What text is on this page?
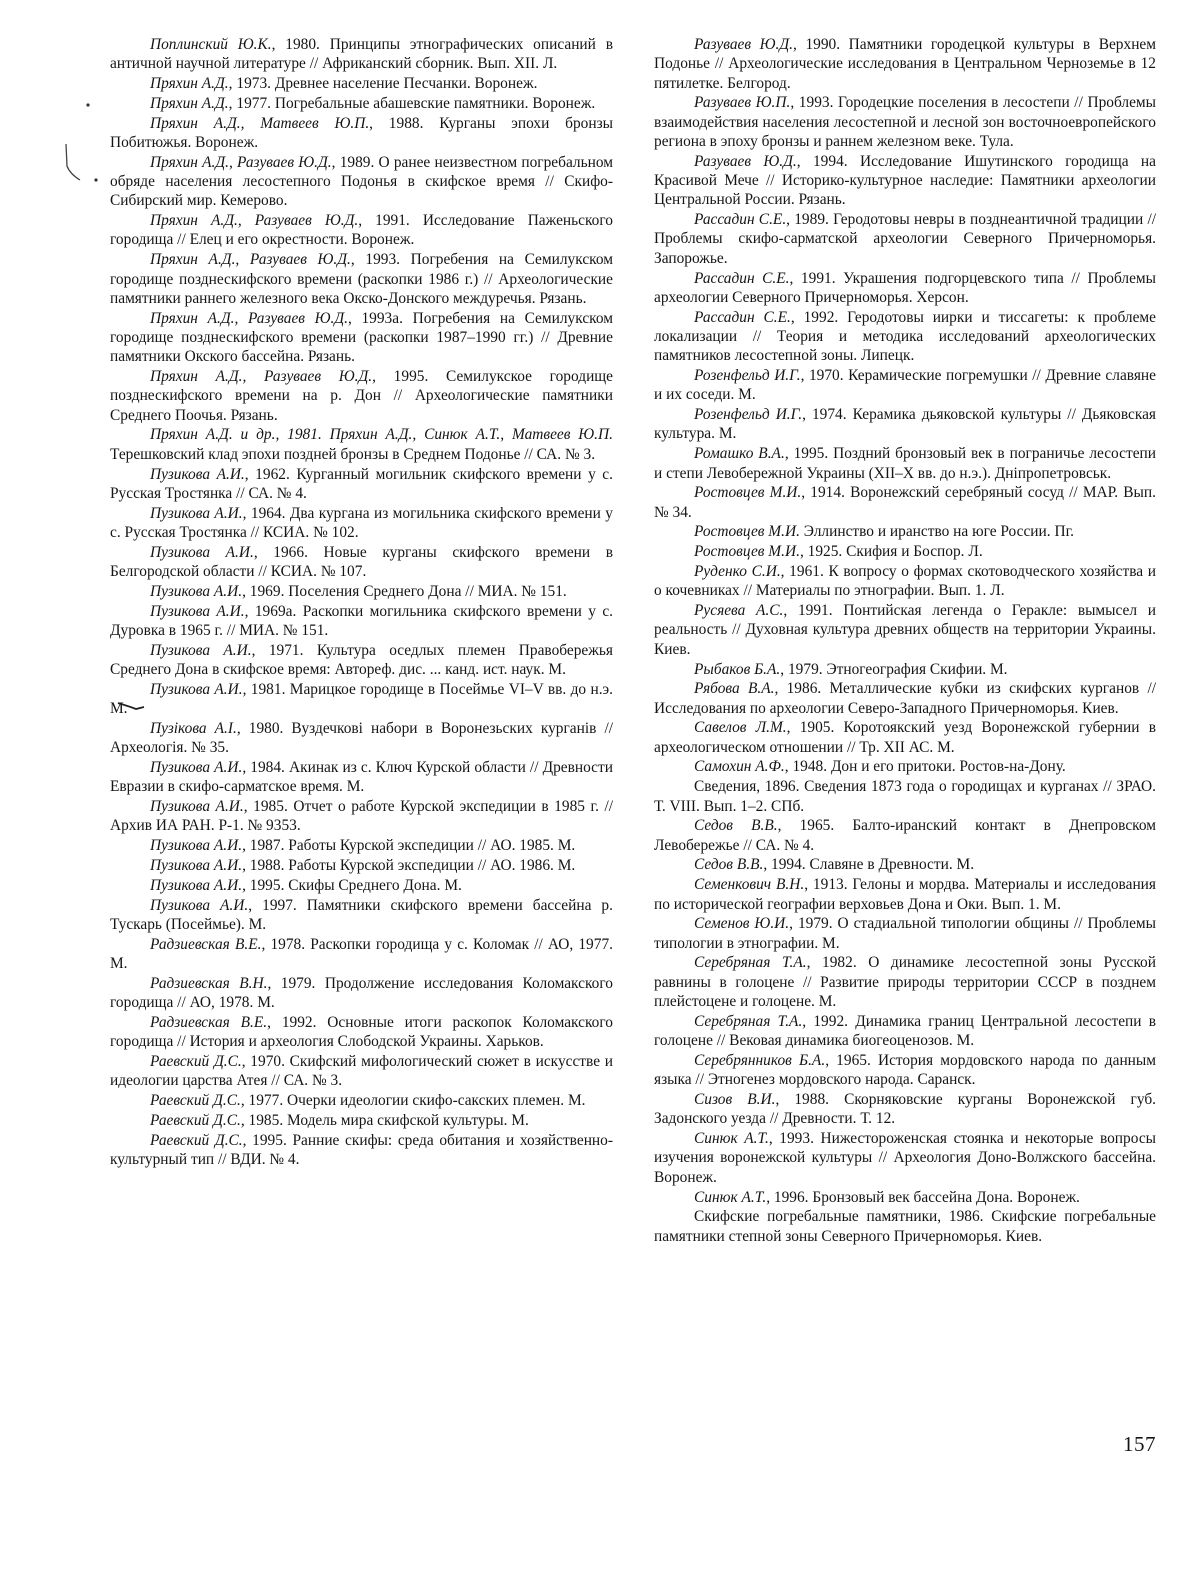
Поплинский Ю.К., 1980. Принципы этнографических описаний в античной научной литературе // Африканский сборник. Вып. XII. Л.

Пряхин А.Д., 1973. Древнее население Песчанки. Воронеж.

Пряхин А.Д., 1977. Погребальные абашевские памятники. Воронеж.

Пряхин А.Д., Матвеев Ю.П., 1988. Курганы эпохи бронзы Побитюжья. Воронеж.

Пряхин А.Д., Разуваев Ю.Д., 1989. О ранее неизвестном погребальном обряде населения лесостепного Подонья в скифское время // Скифо-Сибирский мир. Кемерово.

Пряхин А.Д., Разуваев Ю.Д., 1991. Исследование Паженьского городища // Елец и его окрестности. Воронеж.

Пряхин А.Д., Разуваев Ю.Д., 1993. Погребения на Семилукском городище позднескифского времени (раскопки 1986 г.) // Археологические памятники раннего железного века Окско-Донского междуречья. Рязань.

Пряхин А.Д., Разуваев Ю.Д., 1993а. Погребения на Семилукском городище позднескифского времени (раскопки 1987–1990 гг.) // Древние памятники Окского бассейна. Рязань.

Пряхин А.Д., Разуваев Ю.Д., 1995. Семилукское городище позднескифского времени на р. Дон // Археологические памятники Среднего Поочья. Рязань.

Пряхин А.Д. и др., 1981. Пряхин А.Д., Синюк А.Т., Матвеев Ю.П. Терешковский клад эпохи поздней бронзы в Среднем Подонье // СА. № 3.

Пузикова А.И., 1962. Курганный могильник скифского времени у с. Русская Тростянка // СА. № 4.

Пузикова А.И., 1964. Два кургана из могильника скифского времени у с. Русская Тростянка // КСИА. № 102.

Пузикова А.И., 1966. Новые курганы скифского времени в Белгородской области // КСИА. № 107.

Пузикова А.И., 1969. Поселения Среднего Дона // МИА. № 151.

Пузикова А.И., 1969а. Раскопки могильника скифского времени у с. Дуровка в 1965 г. // МИА. № 151.

Пузикова А.И., 1971. Культура оседлых племен Правобережья Среднего Дона в скифское время: Автореф. дис. ... канд. ист. наук. М.

Пузикова А.И., 1981. Марицкое городище в Посеймье VI–V вв. до н.э. М.

Пузікова А.І., 1980. Вуздечкові набори в Воронезьских курганів // Археологія. № 35.

Пузикова А.И., 1984. Акинак из с. Ключ Курской области // Древности Евразии в скифо-сарматское время. М.

Пузикова А.И., 1985. Отчет о работе Курской экспедиции в 1985 г. // Архив ИА РАН. Р-1. № 9353.

Пузикова А.И., 1987. Работы Курской экспедиции // АО. 1985. М.

Пузикова А.И., 1988. Работы Курской экспедиции // АО. 1986. М.

Пузикова А.И., 1995. Скифы Среднего Дона. М.

Пузикова А.И., 1997. Памятники скифского времени бассейна р. Тускарь (Посеймье). М.

Радзиевская В.Е., 1978. Раскопки городища у с. Коломак // АО, 1977. М.

Радзиевская В.Н., 1979. Продолжение исследования Коломакского городища // АО, 1978. М.

Радзиевская В.Е., 1992. Основные итоги раскопок Коломакского городища // История и археология Слободской Украины. Харьков.

Раевский Д.С., 1970. Скифский мифологический сюжет в искусстве и идеологии царства Атея // СА. № 3.

Раевский Д.С., 1977. Очерки идеологии скифо-сакских племен. М.

Раевский Д.С., 1985. Модель мира скифской культуры. М.

Раевский Д.С., 1995. Ранние скифы: среда обитания и хозяйственно-культурный тип // ВДИ. № 4.

Разуваев Ю.Д., 1990. Памятники городецкой культуры в Верхнем Подонье // Археологические исследования в Центральном Черноземье в 12 пятилетке. Белгород.

Разуваев Ю.П., 1993. Городецкие поселения в лесостепи // Проблемы взаимодействия населения лесостепной и лесной зон восточноевропейского региона в эпоху бронзы и раннем железном веке. Тула.

Разуваев Ю.Д., 1994. Исследование Ишутинского городища на Красивой Мече // Историко-культурное наследие: Памятники археологии Центральной России. Рязань.

Рассадин С.Е., 1989. Геродотовы невры в позднеантичной традиции // Проблемы скифо-сарматской археологии Северного Причерноморья. Запорожье.

Рассадин С.Е., 1991. Украшения подгорцевского типа // Проблемы археологии Северного Причерноморья. Херсон.

Рассадин С.Е., 1992. Геродотовы иирки и тиссагеты: к проблеме локализации // Теория и методика исследований археологических памятников лесостепной зоны. Липецк.

Розенфельд И.Г., 1970. Керамические погремушки // Древние славяне и их соседи. М.

Розенфельд И.Г., 1974. Керамика дьяковской культуры // Дьяковская культура. М.

Ромашко В.А., 1995. Поздний бронзовый век в пограничье лесостепи и степи Левобережной Украины (XII–X вв. до н.э.). Днiпропетровськ.

Ростовцев М.И., 1914. Воронежский серебряный сосуд // МАР. Вып. № 34.

Ростовцев М.И. Эллинство и иранство на юге России. Пг.

Ростовцев М.И., 1925. Скифия и Боспор. Л.

Руденко С.И., 1961. К вопросу о формах скотоводческого хозяйства и о кочевниках // Материалы по этнографии. Вып. 1. Л.

Русяева А.С., 1991. Понтийская легенда о Геракле: вымысел и реальность // Духовная культура древних обществ на территории Украины. Киев.

Рыбаков Б.А., 1979. Этногеография Скифии. М.

Рябова В.А., 1986. Металлические кубки из скифских курганов // Исследования по археологии Северо-Западного Причерноморья. Киев.

Савелов Л.М., 1905. Коротоякский уезд Воронежской губернии в археологическом отношении // Тр. XII АС. М.

Самохин А.Ф., 1948. Дон и его притоки. Ростов-на-Дону.

Сведения, 1896. Сведения 1873 года о городищах и курганах // ЗРАО. Т. VIII. Вып. 1–2. СПб.

Седов В.В., 1965. Балто-иранский контакт в Днепровском Левобережье // СА. № 4.

Седов В.В., 1994. Славяне в Древности. М.

Семенкович В.Н., 1913. Гелоны и мордва. Материалы и исследования по исторической географии верховьев Дона и Оки. Вып. 1. М.

Семенов Ю.И., 1979. О стадиальной типологии общины // Проблемы типологии в этнографии. М.

Серебряная Т.А., 1982. О динамике лесостепной зоны Русской равнины в голоцене // Развитие природы территории СССР в позднем плейстоцене и голоцене. М.

Серебряная Т.А., 1992. Динамика границ Центральной лесостепи в голоцене // Вековая динамика биогеоценозов. М.

Серебрянников Б.А., 1965. История мордовского народа по данным языка // Этногенез мордовского народа. Саранск.

Сизов В.И., 1988. Скорняковские курганы Воронежской губ. Задонского уезда // Древности. Т. 12.

Синюк А.Т., 1993. Нижестороженская стоянка и некоторые вопросы изучения воронежской культуры // Археология Доно-Волжского бассейна. Воронеж.

Синюк А.Т., 1996. Бронзовый век бассейна Дона. Воронеж.

Скифские погребальные памятники, 1986. Скифские погребальные памятники степной зоны Северного Причерноморья. Киев.

157
